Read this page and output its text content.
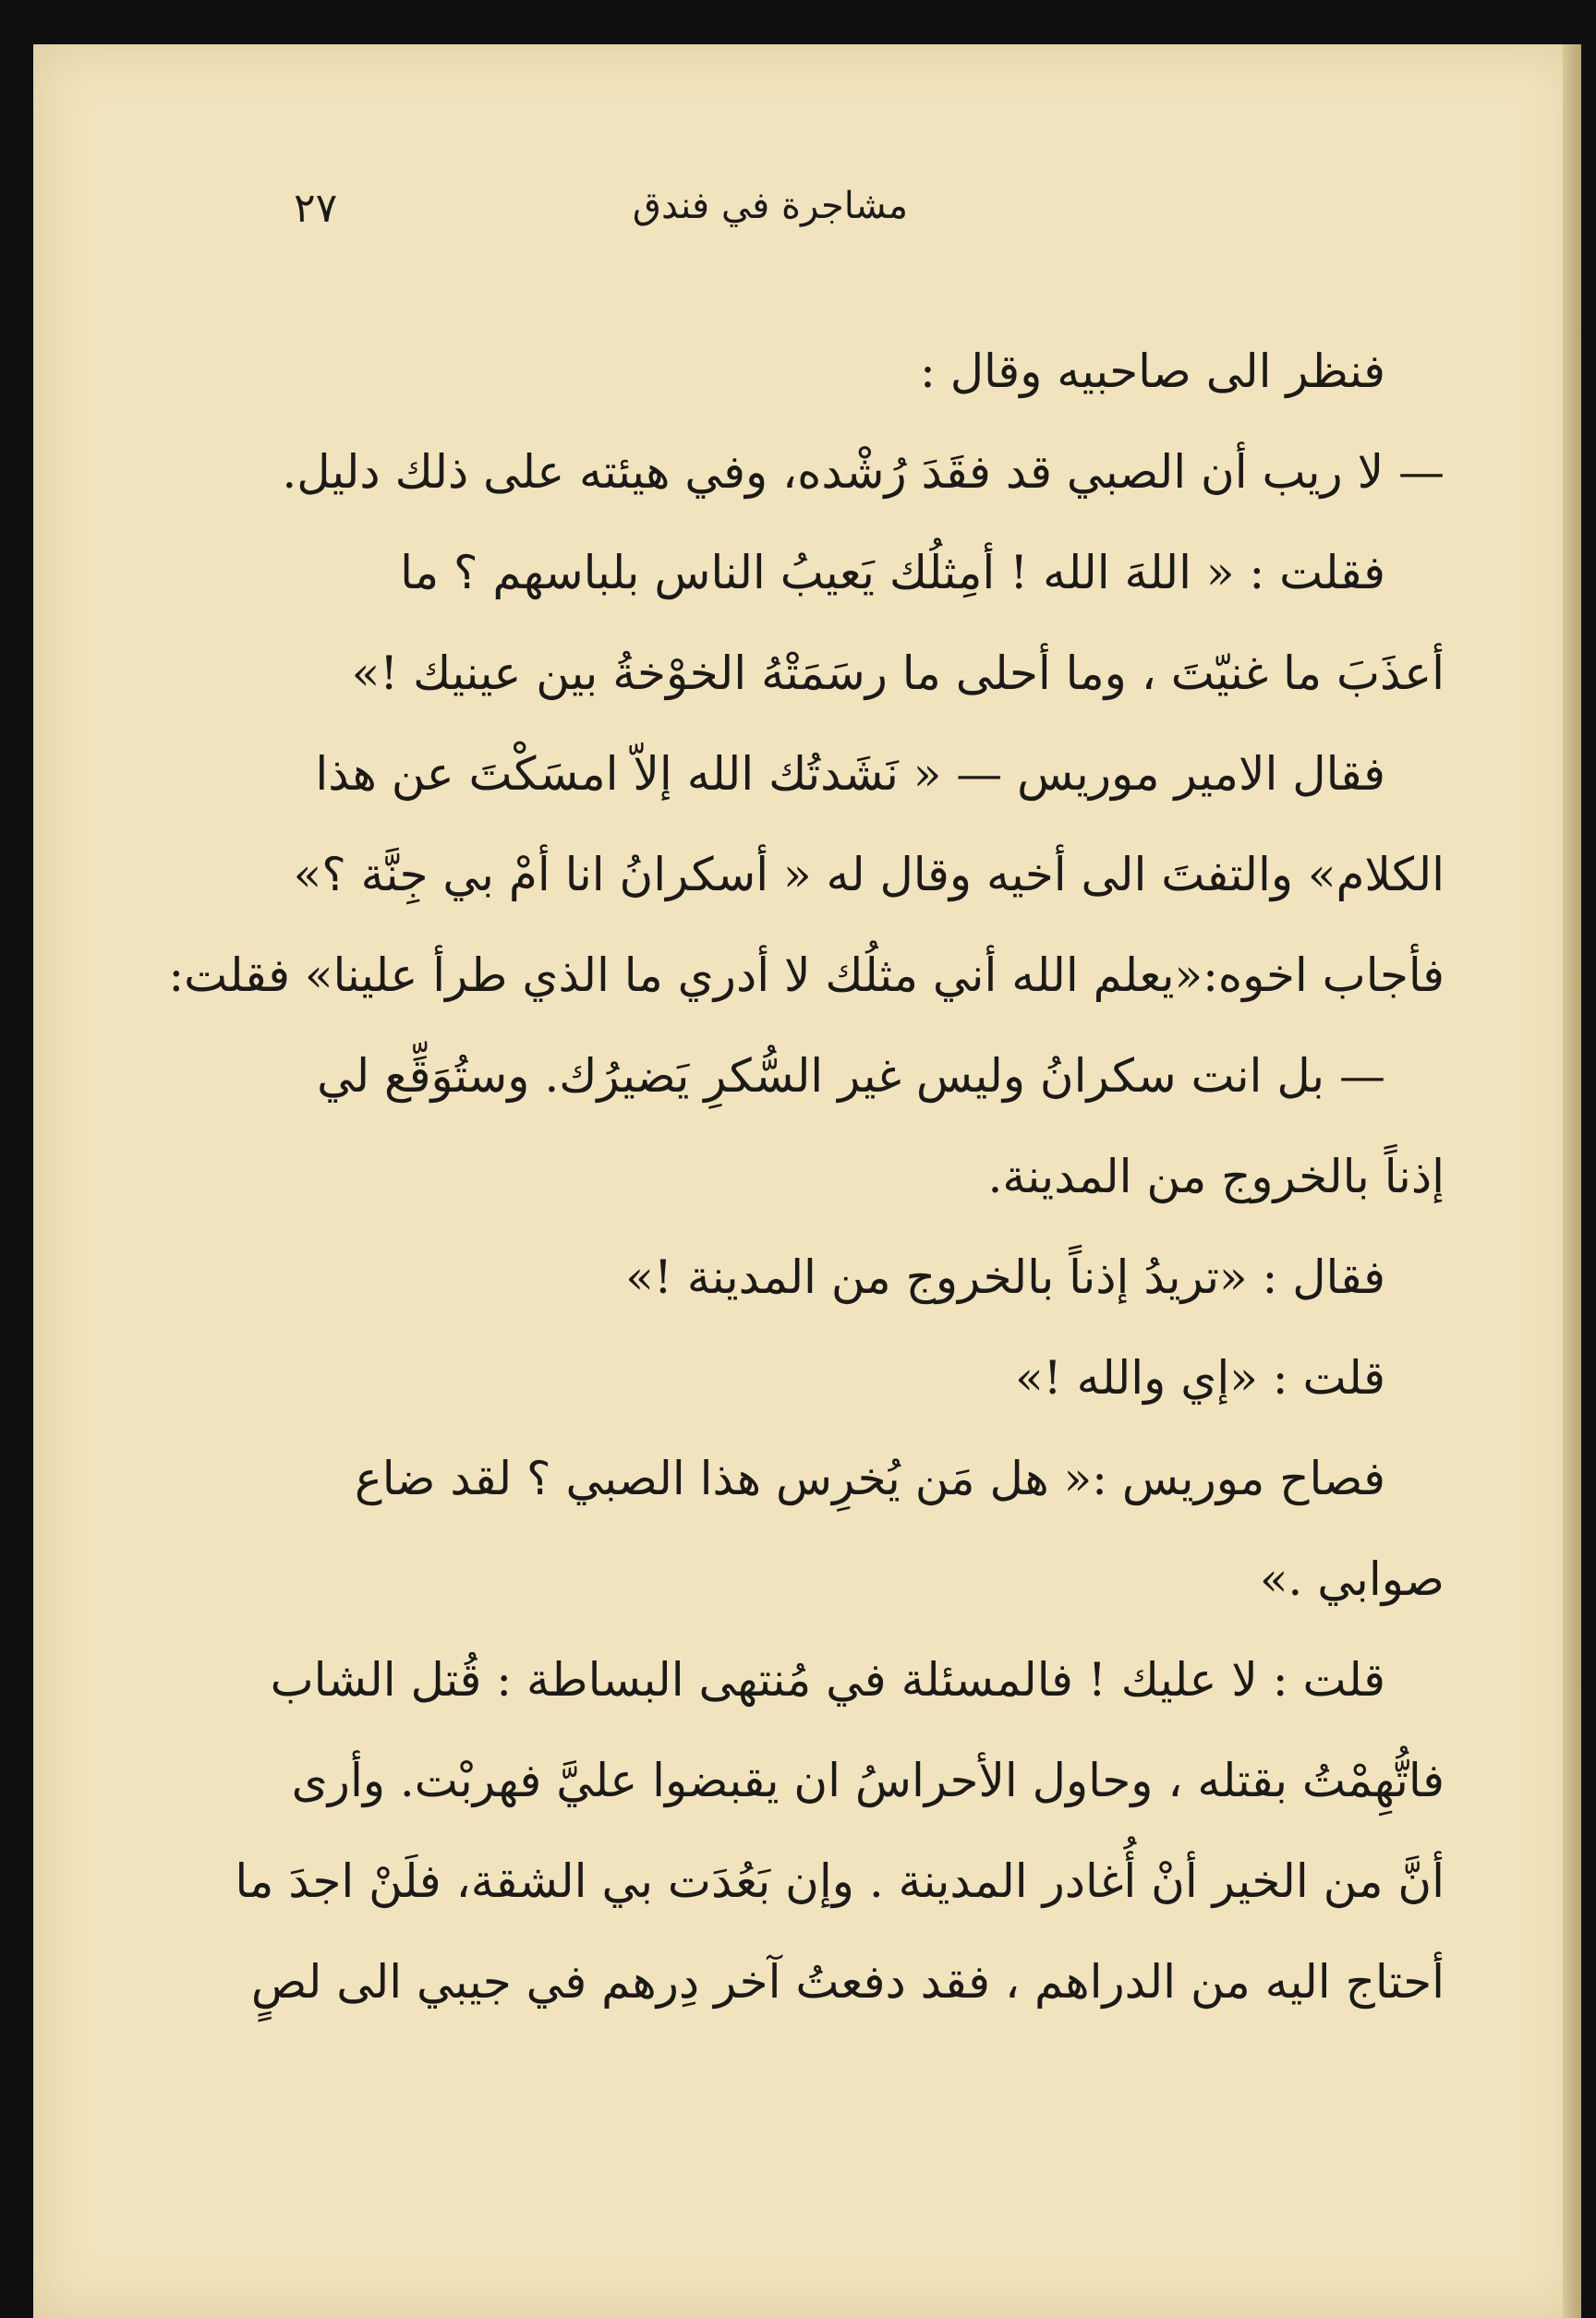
مشاجرة في فندق
٢٧
فنظر الى صاحبيه وقال :
— لا ريب أن الصبي قد فقَدَ رُشْده، وفي هيئته على ذلك دليل.
فقلت : « اللهَ الله ! أمِثلُك يَعيبُ الناس بلباسهم ؟ ما
أعذَبَ ما غنيّتَ ، وما أحلى ما رسَمَتْهُ الخوْخةُ بين عينيك !»
فقال الامير موريس — « نَشَدتُك الله إلاّ امسَكْتَ عن هذا
الكلام» والتفتَ الى أخيه وقال له « أسكرانُ انا أمْ بي جِنَّة ؟»
فأجاب اخوه:«يعلم الله أني مثلُك لا أدري ما الذي طرأ علينا» فقلت:
— بل انت سكرانُ وليس غير السُّكرِ يَضيرُك. وستُوَقِّع لي
إذناً بالخروج من المدينة.
فقال : «تريدُ إذناً بالخروج من المدينة !»
قلت : «إي والله !»
فصاح موريس :« هل مَن يُخرِس هذا الصبي ؟ لقد ضاع
صوابي .»
قلت : لا عليك ! فالمسئلة في مُنتهى البساطة : قُتل الشاب
فاتُّهِمْتُ بقتله ، وحاول الأحراسُ ان يقبضوا عليَّ فهربْت. وأرى
أنَّ من الخير أنْ أُغادر المدينة . وإن بَعُدَت بي الشقة، فلَنْ اجدَ ما
أحتاج اليه من الدراهم ، فقد دفعتُ آخر دِرهم في جيبي الى لصٍ
